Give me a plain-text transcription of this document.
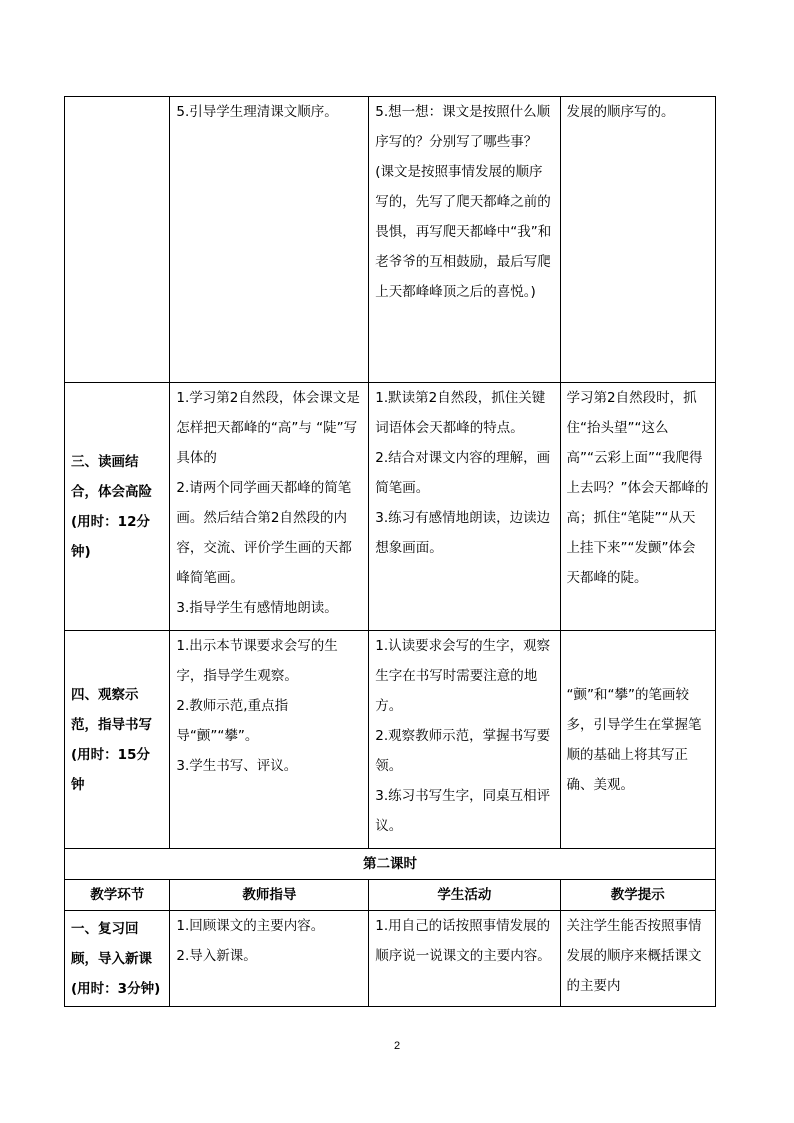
	5.引导学生理清课文顺序。	5.想一想：课文是按照什么顺序写的？分别写了哪些事？(课文是按照事情发展的顺序写的，先写了爬天都峰之前的畏惧，再写爬天都峰中“我”和老爷爷的互相鼓励，最后写爬上天都峰峰顶之后的喜悦。)	发展的顺序写的。
三、读画结合，体会高险(用时：12分钟)	1.学习第2自然段，体会课文是怎样把天都峰的“高”与 “陡”写具体的
2.请两个同学画天都峰的简笔画。然后结合第2自然段的内容，交流、评价学生画的天都峰简笔画。
3.指导学生有感情地朗读。	1.默读第2自然段，抓住关键词语体会天都峰的特点。
2.结合对课文内容的理解，画简笔画。
3.练习有感情地朗读，边读边想象画面。	学习第2自然段时，抓住“抬头望”“这么高”“云彩上面”“我爬得上去吗？”体会天都峰的高；抓住“笔陡”“从天上挂下来”“发颤”体会天都峰的陡。
四、观察示范，指导书写(用时：15分钟	1.出示本节课要求会写的生 字，指导学生观察。
2.教师示范,重点指导“颤”“攀”。
3.学生书写、评议。	1.认读要求会写的生字，观察生字在书写时需要注意的地方。
2.观察教师示范，掌握书写要领。
3.练习书写生字，同桌互相评议。	“颤”和“攀”的笔画较多，引导学生在掌握笔顺的基础上将其写正确、美观。
第二课时			
教学环节	教师指导	学生活动	教学提示
一、复习回顾，导入新课(用时：3分钟)	1.回顾课文的主要内容。
2.导入新课。	1.用自己的话按照事情发展的顺序说一说课文的主要内容。	关注学生能否按照事情发展的顺序来概括课文的主要内
2
